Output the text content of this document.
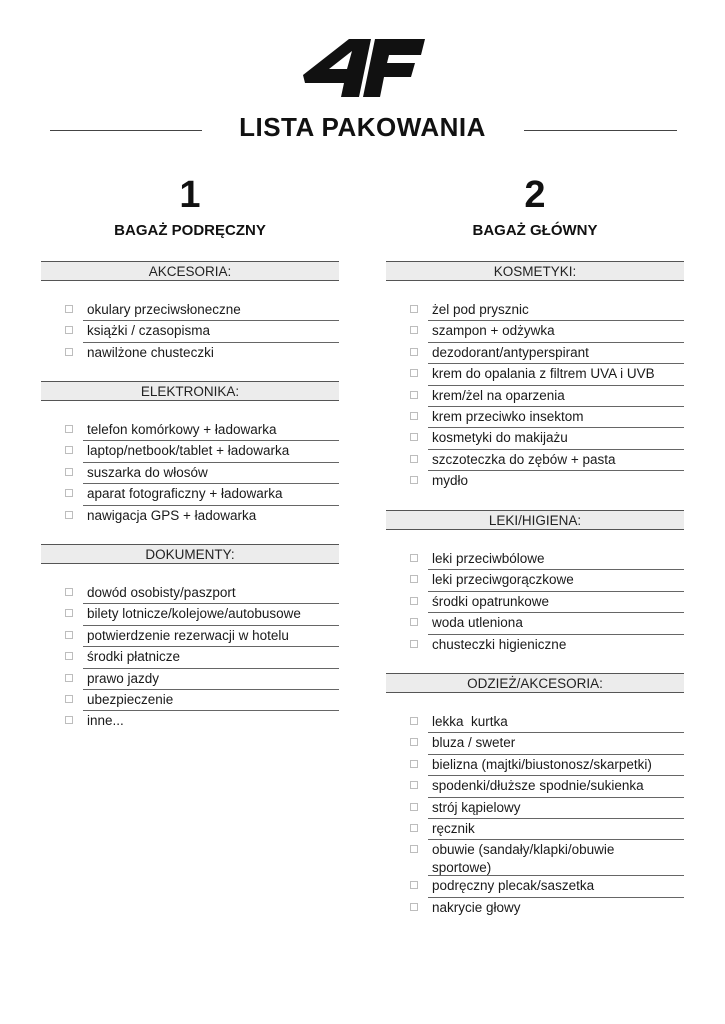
LISTA PAKOWANIA
1
BAGAŻ PODRĘCZNY
AKCESORIA:
okulary przeciwsłoneczne
książki / czasopisma
nawilżone chusteczki
ELEKTRONIKA:
telefon komórkowy + ładowarka
laptop/netbook/tablet + ładowarka
suszarka do włosów
aparat fotograficzny + ładowarka
nawigacja GPS + ładowarka
DOKUMENTY:
dowód osobisty/paszport
bilety lotnicze/kolejowe/autobusowe
potwierdzenie rezerwacji w hotelu
środki płatnicze
prawo jazdy
ubezpieczenie
inne...
2
BAGAŻ GŁÓWNY
KOSMETYKI:
żel pod prysznic
szampon + odżywka
dezodorant/antyperspirant
krem do opalania z filtrem UVA i UVB
krem/żel na oparzenia
krem przeciwko insektom
kosmetyki do makijażu
szczoteczka do zębów + pasta
mydło
LEKI/HIGIENA:
leki przeciwbólowe
leki przeciwgorączkowe
środki opatrunkowe
woda utleniona
chusteczki higieniczne
ODZIEŻ/AKCESORIA:
lekka  kurtka
bluza / sweter
bielizna (majtki/biustonosz/skarpetki)
spodenki/dłuższe spodnie/sukienka
strój kąpielowy
ręcznik
obuwie (sandały/klapki/obuwie sportowe)
podręczny plecak/saszetka
nakrycie głowy
